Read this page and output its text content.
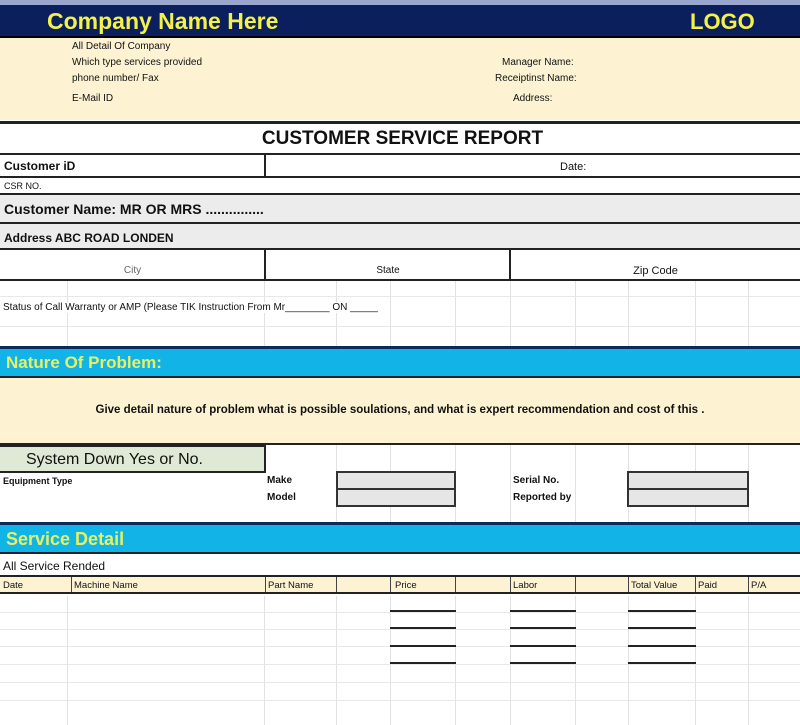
Company Name Here	LOGO
All Detail Of Company
Which type services provided
phone number/ Fax
E-Mail ID
Manager Name:
Receiptinst Name:
Address:
CUSTOMER SERVICE REPORT
Customer iD	Date:
CSR NO.
Customer Name: MR OR MRS ...............
Address ABC ROAD LONDEN
City	State	Zip Code
Status of Call Warranty or AMP (Please TIK Instruction From Mr________ ON _____
Nature Of Problem:
Give detail nature of problem what is possible soulations, and what is expert recommendation and cost of this .
System Down Yes or No.
Equipment Type	Make
Model
Serial No.
Reported by
Service Detail
All Service Rended
Date	Machine Name	Part Name	Price	Labor	Total Value	Paid	P/A
